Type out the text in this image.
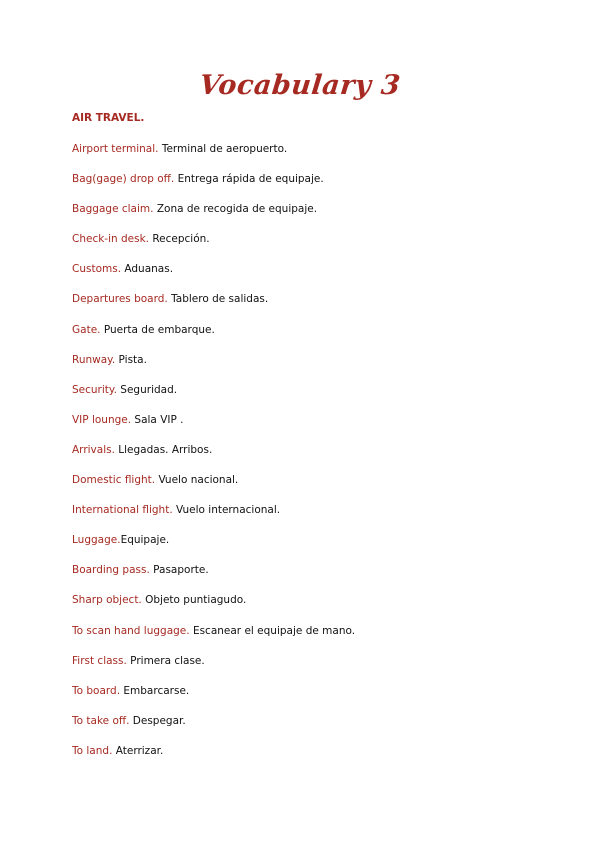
Vocabulary 3
AIR TRAVEL.
Airport terminal. Terminal de aeropuerto.
Bag(gage) drop off. Entrega rápida de equipaje.
Baggage claim. Zona de recogida de equipaje.
Check-in desk. Recepción.
Customs. Aduanas.
Departures board. Tablero de salidas.
Gate. Puerta de embarque.
Runway. Pista.
Security. Seguridad.
VIP lounge. Sala VIP .
Arrivals. Llegadas. Arribos.
Domestic flight. Vuelo nacional.
International flight. Vuelo internacional.
Luggage.Equipaje.
Boarding pass. Pasaporte.
Sharp object. Objeto puntiagudo.
To scan hand luggage. Escanear el equipaje de mano.
First class. Primera clase.
To board. Embarcarse.
To take off. Despegar.
To land. Aterrizar.
